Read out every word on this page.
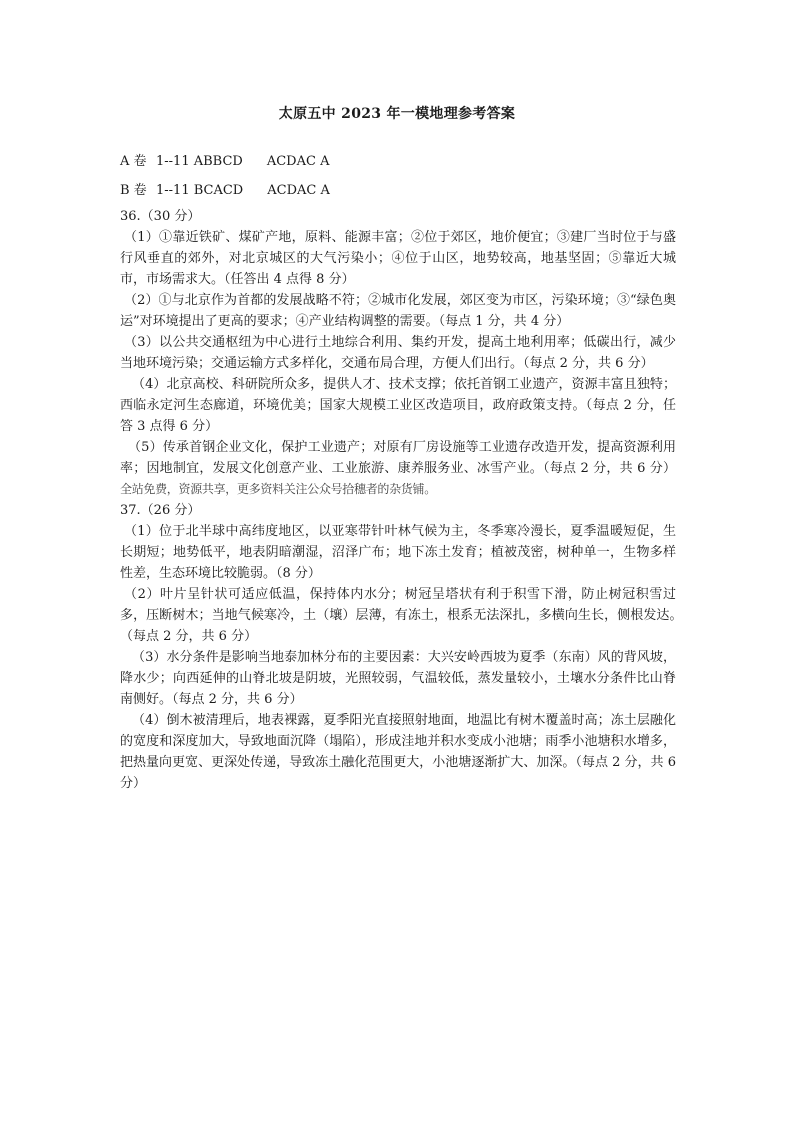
太原五中 2023 年一模地理参考答案
A 卷 1--11 ABBCD ACDAC A
B 卷 1--11 BCACD ACDAC A

36.（30 分）

（1）①靠近铁矿、煤矿产地，原料、能源丰富；②位于郊区，地价便宜；③建厂当时位于与盛行风垂直的郊外，对北京城区的大气污染小；④位于山区，地势较高，地基坚固；⑤靠近大城市，市场需求大。（任答出 4 点得 8 分）

（2）①与北京作为首都的发展战略不符；②城市化发展，郊区变为市区，污染环境；③“绿色奥运”对环境提出了更高的要求；④产业结构调整的需要。（每点 1 分，共 4 分）

（3）以公共交通枢纽为中心进行土地综合利用、集约开发，提高土地利用率；低碳出行，减少当地环境污染；交通运输方式多样化，交通布局合理，方便人们出行。（每点 2 分，共 6 分）

（4）北京高校、科研院所众多，提供人才、技术支撑；依托首钢工业遗产，资源丰富且独特；西临永定河生态廊道，环境优美；国家大规模工业区改造项目，政府政策支持。（每点 2 分，任答 3 点得 6 分）

（5）传承首钢企业文化，保护工业遗产；对原有厂房设施等工业遗存改造开发，提高资源利用率；因地制宜，发展文化创意产业、工业旅游、康养服务业、冰雪产业。（每点 2 分，共 6 分）全站免费，资源共享，更多资料关注公众号拾穗者的杂货铺。

37.（26 分）

（1）位于北半球中高纬度地区，以亚寒带针叶林气候为主，冬季寒冷漫长，夏季温暖短促，生长期短；地势低平，地表阴暗潮湿，沼泽广布；地下冻土发育；植被茂密，树种单一，生物多样性差，生态环境比较脆弱。（8 分）

（2）叶片呈针状可适应低温，保持体内水分；树冠呈塔状有利于积雪下滑，防止树冠积雪过多，压断树木；当地气候寒冷，土（壤）层薄，有冻土，根系无法深扎，多横向生长，侧根发达。　（每点 2 分，共 6 分）

（3）水分条件是影响当地泰加林分布的主要因素：大兴安岭西坡为夏季（东南）风的背风坡，降水少；向西延伸的山脊北坡是阴坡，光照较弱，气温较低，蒸发量较小，土壤水分条件比山脊南侧好。（每点 2 分，共 6 分）

（4）倒木被清理后，地表裸露，夏季阳光直接照射地面，地温比有树木覆盖时高；冻土层融化的宽度和深度加大，导致地面沉降（塌陷），形成洼地并积水变成小池塘；雨季小池塘积水增多，把热量向更宽、更深处传递，导致冻土融化范围更大，小池塘逐渐扩大、加深。（每点 2 分，共 6 分）
